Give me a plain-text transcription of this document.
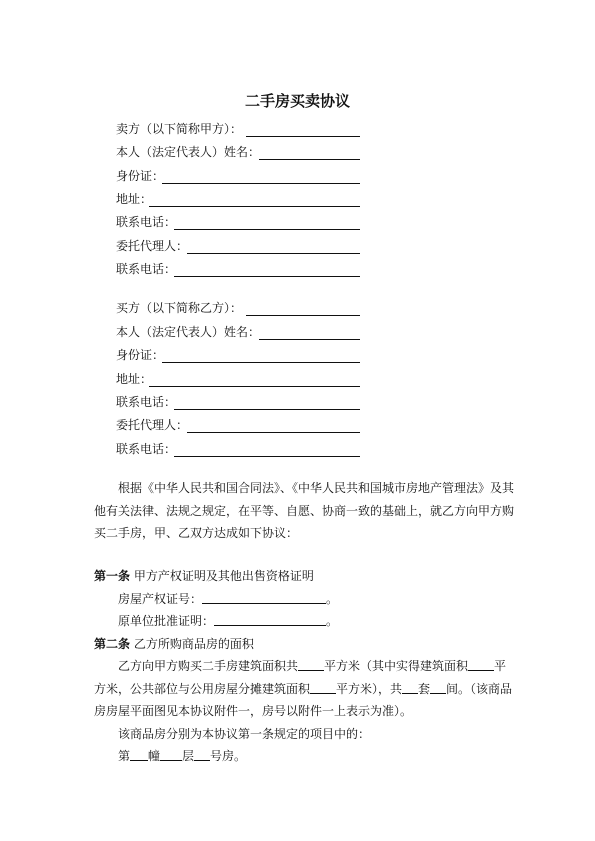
二手房买卖协议
卖方（以下简称甲方）：
本人（法定代表人）姓名：
身份证：
地址：
联系电话：
委托代理人：
联系电话：
买方（以下简称乙方）：
本人（法定代表人）姓名：
身份证：
地址：
联系电话：
委托代理人：
联系电话：

根据《中华人民共和国合同法》、《中华人民共和国城市房地产管理法》及其他有关法律、法规之规定，在平等、自愿、协商一致的基础上，就乙方向甲方购买二手房，甲、乙双方达成如下协议：

第一条 甲方产权证明及其他出售资格证明

房屋产权证号：	。

原单位批准证明：	。

第二条 乙方所购商品房的面积

乙方向甲方购买二手房建筑面积共 平方米（其中实得建筑面积 平方米，公共部位与公用房屋分摊建筑面积 平方米），共 套 间。（该商品房房屋平面图见本协议附件一，房号以附件一上表示为准）。

该商品房分别为本协议第一条规定的项目中的：

第 幢 层 号房。
